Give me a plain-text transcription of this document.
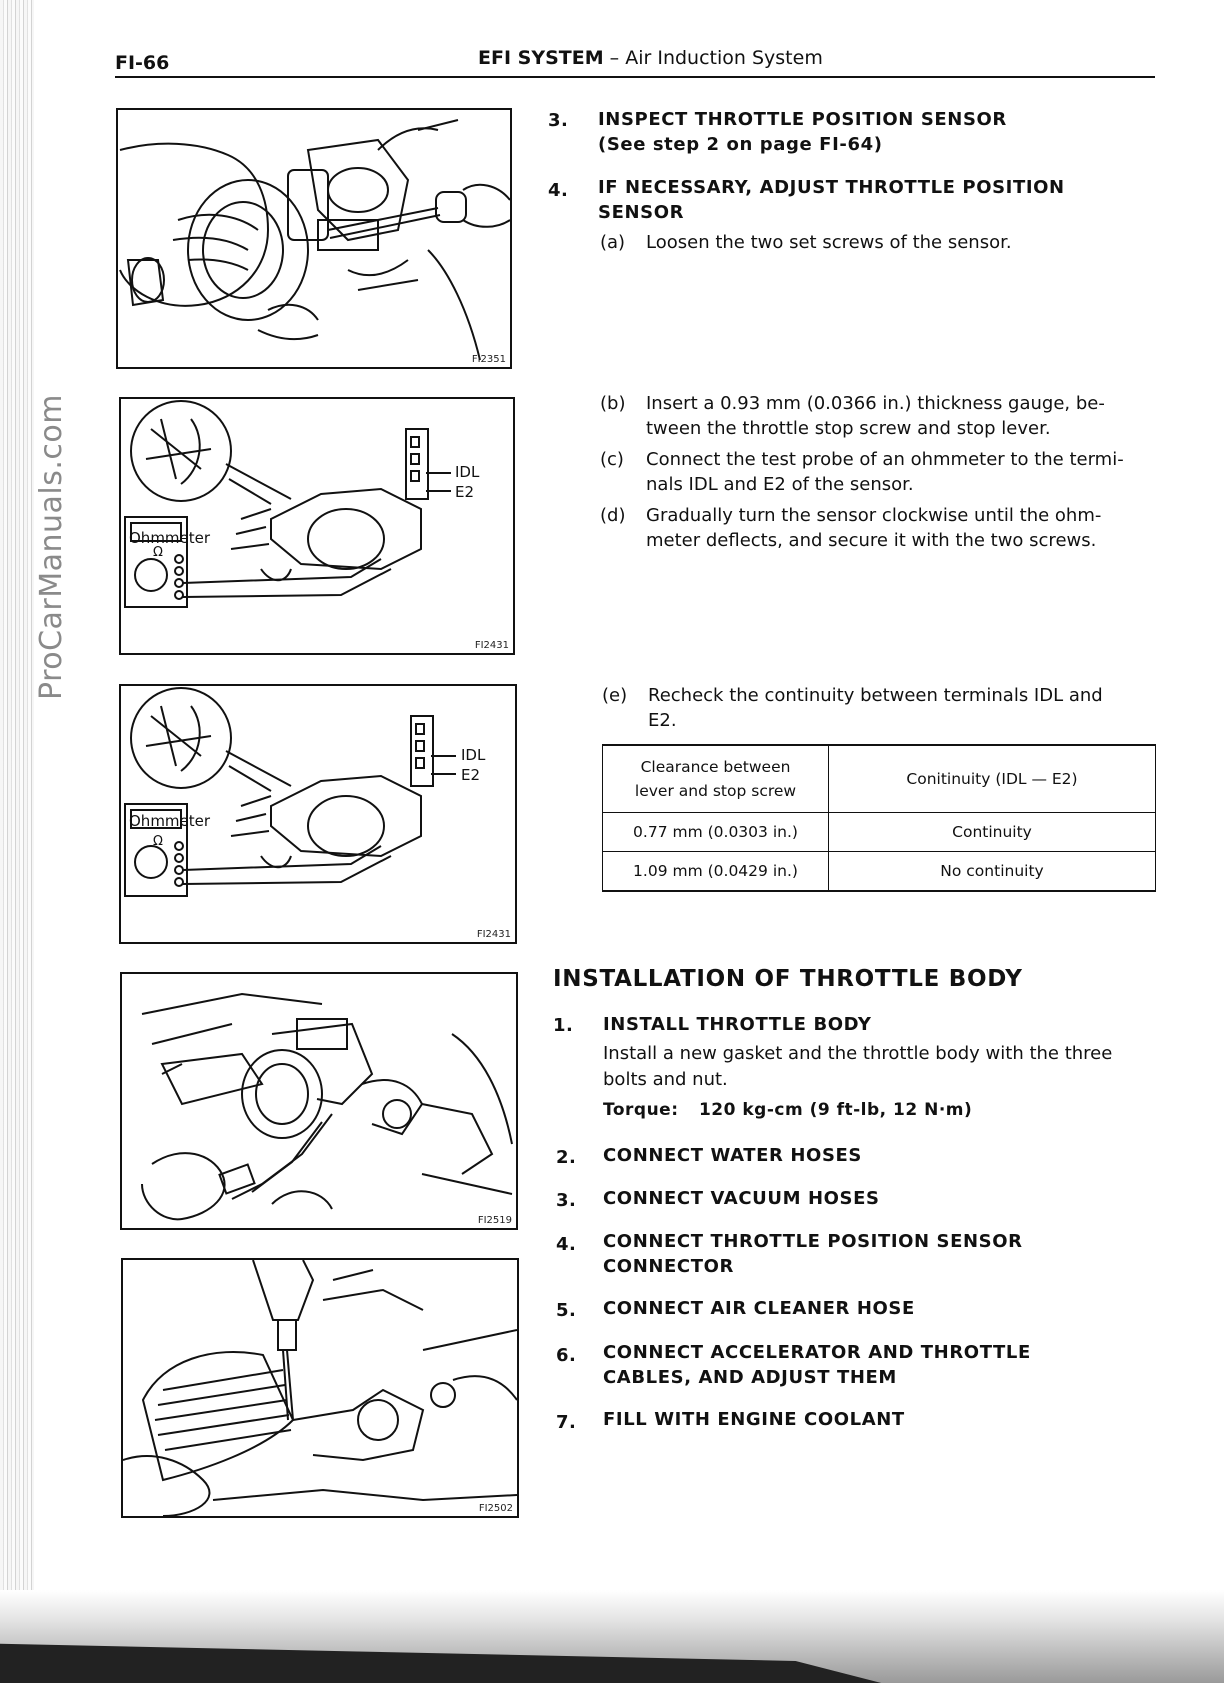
ProCarManuals.com
FI-66	EFI SYSTEM – Air Induction System
FI2351
Ohmmeter
Ω
IDL
E2
FI2431
Ohmmeter
Ω
IDL
E2
FI2431
FI2519
FI2502
3. INSPECT THROTTLE POSITION SENSOR
(See step 2 on page FI-64)
4. IF NECESSARY, ADJUST THROTTLE POSITION
SENSOR
(a) Loosen the two set screws of the sensor.
(b) Insert a 0.93 mm (0.0366 in.) thickness gauge, be-
tween the throttle stop screw and stop lever.
(c) Connect the test probe of an ohmmeter to the termi-
nals IDL and E2 of the sensor.
(d) Gradually turn the sensor clockwise until the ohm-
meter deflects, and secure it with the two screws.
(e) Recheck the continuity between terminals IDL and
E2.
Clearance between
lever and stop screw	Conitinuity (IDL — E2)
0.77 mm (0.0303 in.)	Continuity
1.09 mm (0.0429 in.)	No continuity
INSTALLATION OF THROTTLE BODY
1. INSTALL THROTTLE BODY
Install a new gasket and the throttle body with the three
bolts and nut.
Torque: 120 kg-cm (9 ft-lb, 12 N·m)
2. CONNECT WATER HOSES
3. CONNECT VACUUM HOSES
4. CONNECT THROTTLE POSITION SENSOR
CONNECTOR
5. CONNECT AIR CLEANER HOSE
6. CONNECT ACCELERATOR AND THROTTLE
CABLES, AND ADJUST THEM
7. FILL WITH ENGINE COOLANT
